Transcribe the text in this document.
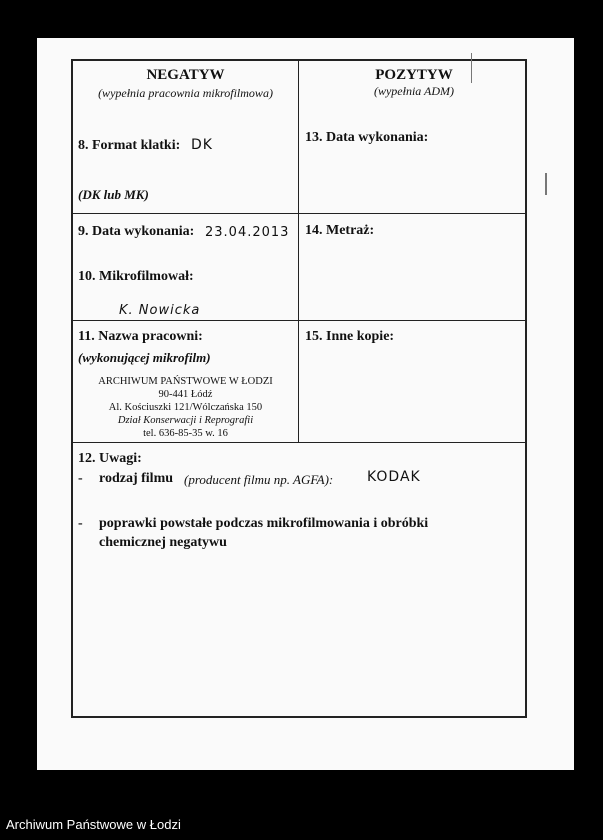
NEGATYW
(wypełnia pracownia mikrofilmowa)
POZYTYW
(wypełnia ADM)
8. Format klatki: DK
(DK lub MK)
13. Data wykonania:
9. Data wykonania: 23.04.2013 14. Metraż:
10. Mikrofilmował:
K. Nowicka
11. Nazwa pracowni:
(wykonującej mikrofilm)
15. Inne kopie:
ARCHIWUM PAŃSTWOWE W ŁODZI
90-441 Łódź
Al. Kościuszki 121/Wólczańska 150
Dział Konserwacji i Reprografii
tel. 636-85-35 w. 16
12. Uwagi:
- rodzaj filmu (producent filmu np. AGFA): KODAK
- poprawki powstałe podczas mikrofilmowania i obróbki
chemicznej negatywu
Archiwum Państwowe w Łodzi
